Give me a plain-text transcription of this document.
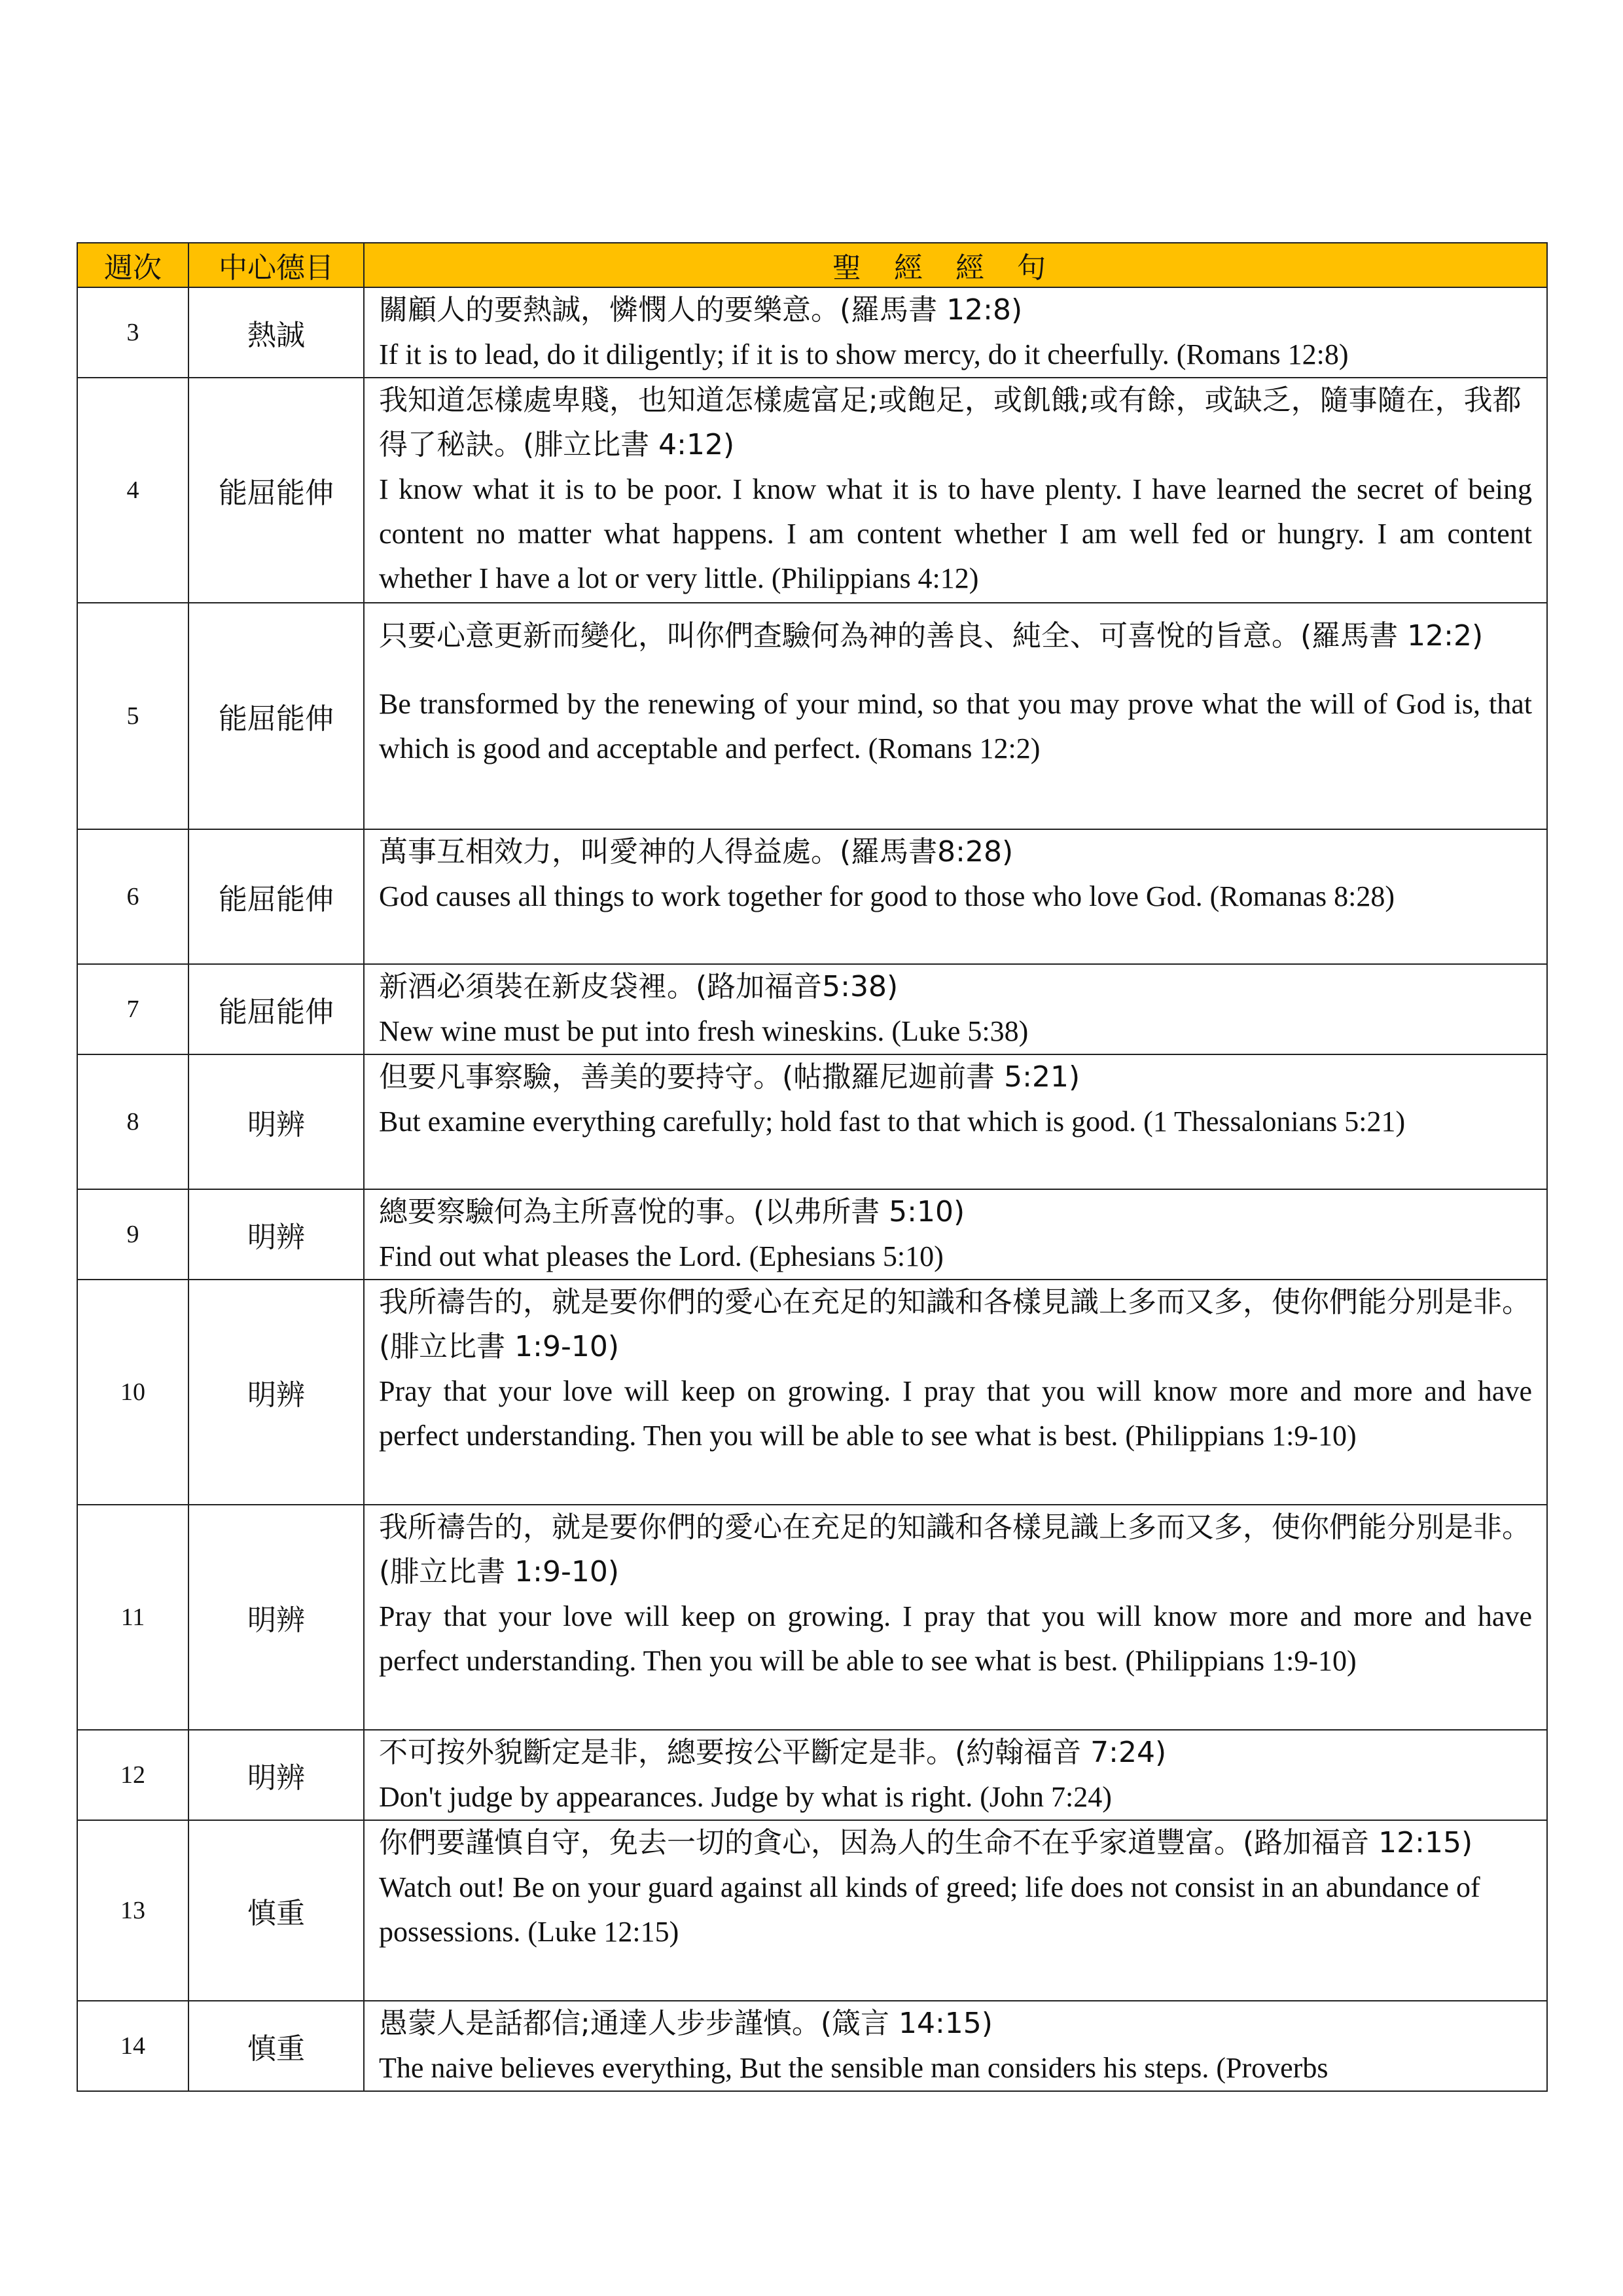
週次	中心德目	聖經經句
3	熱誠	關顧人的要熱誠，憐憫人的要樂意。(羅馬書 12:8)
If it is to lead, do it diligently; if it is to show mercy, do it cheerfully. (Romans 12:8)

4	能屈能伸	我知道怎樣處卑賤，也知道怎樣處富足;或飽足，或飢餓;或有餘，或缺乏，隨事隨在，我都得了秘訣。(腓立比書 4:12)
I know what it is to be poor. I know what it is to have plenty. I have learned the secret of being content no matter what happens. I am content whether I am well fed or hungry. I am content whether I have a lot or very little. (Philippians 4:12)

5	能屈能伸	只要心意更新而變化，叫你們查驗何為神的善良、純全、可喜悅的旨意。(羅馬書 12:2)
Be transformed by the renewing of your mind, so that you may prove what the will of God is, that which is good and acceptable and perfect. (Romans 12:2)

6	能屈能伸	萬事互相效力，叫愛神的人得益處。(羅馬書8:28)
God causes all things to work together for good to those who love God. (Romanas 8:28)

7	能屈能伸	新酒必須裝在新皮袋裡。(路加福音5:38)
New wine must be put into fresh wineskins. (Luke 5:38)

8	明辨	但要凡事察驗，善美的要持守。(帖撒羅尼迦前書 5:21)
But examine everything carefully; hold fast to that which is good. (1 Thessalonians 5:21)

9	明辨	總要察驗何為主所喜悅的事。(以弗所書 5:10)
Find out what pleases the Lord. (Ephesians 5:10)

10	明辨	我所禱告的，就是要你們的愛心在充足的知識和各樣見識上多而又多，使你們能分別是非。(腓立比書 1:9-10)
Pray that your love will keep on growing. I pray that you will know more and more and have perfect understanding. Then you will be able to see what is best. (Philippians 1:9-10)

11	明辨	我所禱告的，就是要你們的愛心在充足的知識和各樣見識上多而又多，使你們能分別是非。(腓立比書 1:9-10)
Pray that your love will keep on growing. I pray that you will know more and more and have perfect understanding. Then you will be able to see what is best. (Philippians 1:9-10)

12	明辨	不可按外貌斷定是非，總要按公平斷定是非。(約翰福音 7:24)
Don't judge by appearances. Judge by what is right. (John 7:24)

13	慎重	你們要謹慎自守，免去一切的貪心，因為人的生命不在乎家道豐富。(路加福音 12:15)
Watch out! Be on your guard against all kinds of greed; life does not consist in an abundance of possessions. (Luke 12:15)

14	慎重	愚蒙人是話都信;通達人步步謹慎。(箴言 14:15)
The naive believes everything, But the sensible man considers his steps. (Proverbs
